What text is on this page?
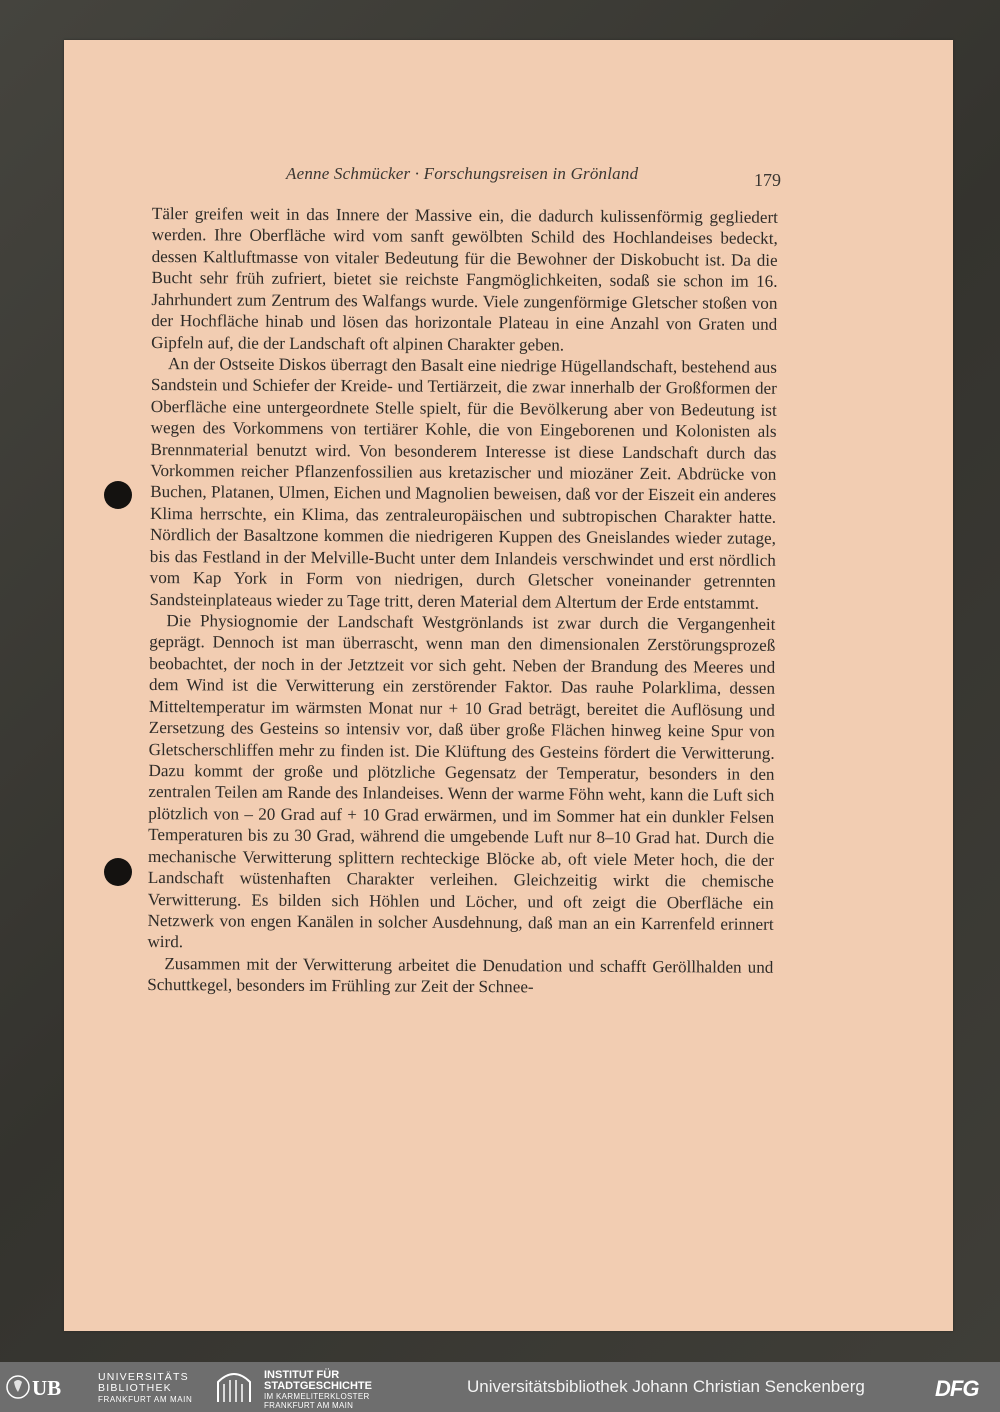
Aenne Schmücker · Forschungsreisen in Grönland	179

Täler greifen weit in das Innere der Massive ein, die dadurch kulissenförmig gegliedert werden. Ihre Oberfläche wird vom sanft gewölbten Schild des Hochlandeises bedeckt, dessen Kaltluftmasse von vitaler Bedeutung für die Bewohner der Diskobucht ist. Da die Bucht sehr früh zufriert, bietet sie reichste Fangmöglichkeiten, sodaß sie schon im 16. Jahrhundert zum Zentrum des Walfangs wurde. Viele zungenförmige Gletscher stoßen von der Hochfläche hinab und lösen das horizontale Plateau in eine Anzahl von Graten und Gipfeln auf, die der Landschaft oft alpinen Charakter geben.

An der Ostseite Diskos überragt den Basalt eine niedrige Hügellandschaft, bestehend aus Sandstein und Schiefer der Kreide- und Tertiärzeit, die zwar innerhalb der Großformen der Oberfläche eine untergeordnete Stelle spielt, für die Bevölkerung aber von Bedeutung ist wegen des Vorkommens von tertiärer Kohle, die von Eingeborenen und Kolonisten als Brennmaterial benutzt wird. Von besonderem Interesse ist diese Landschaft durch das Vorkommen reicher Pflanzenfossilien aus kretazischer und miozäner Zeit. Abdrücke von Buchen, Platanen, Ulmen, Eichen und Magnolien beweisen, daß vor der Eiszeit ein anderes Klima herrschte, ein Klima, das zentraleuropäischen und subtropischen Charakter hatte. Nördlich der Basaltzone kommen die niedrigeren Kuppen des Gneislandes wieder zutage, bis das Festland in der Melville-Bucht unter dem Inlandeis verschwindet und erst nördlich vom Kap York in Form von niedrigen, durch Gletscher voneinander getrennten Sandsteinplateaus wieder zu Tage tritt, deren Material dem Altertum der Erde entstammt.

Die Physiognomie der Landschaft Westgrönlands ist zwar durch die Vergangenheit geprägt. Dennoch ist man überrascht, wenn man den dimensionalen Zerstörungsprozeß beobachtet, der noch in der Jetztzeit vor sich geht. Neben der Brandung des Meeres und dem Wind ist die Verwitterung ein zerstörender Faktor. Das rauhe Polarklima, dessen Mitteltemperatur im wärmsten Monat nur + 10 Grad beträgt, bereitet die Auflösung und Zersetzung des Gesteins so intensiv vor, daß über große Flächen hinweg keine Spur von Gletscherschliffen mehr zu finden ist. Die Klüftung des Gesteins fördert die Verwitterung. Dazu kommt der große und plötzliche Gegensatz der Temperatur, besonders in den zentralen Teilen am Rande des Inlandeises. Wenn der warme Föhn weht, kann die Luft sich plötzlich von – 20 Grad auf + 10 Grad erwärmen, und im Sommer hat ein dunkler Felsen Temperaturen bis zu 30 Grad, während die umgebende Luft nur 8–10 Grad hat. Durch die mechanische Verwitterung splittern rechteckige Blöcke ab, oft viele Meter hoch, die der Landschaft wüstenhaften Charakter verleihen. Gleichzeitig wirkt die chemische Verwitterung. Es bilden sich Höhlen und Löcher, und oft zeigt die Oberfläche ein Netzwerk von engen Kanälen in solcher Ausdehnung, daß man an ein Karrenfeld erinnert wird.

Zusammen mit der Verwitterung arbeitet die Denudation und schafft Geröllhalden und Schuttkegel, besonders im Frühling zur Zeit der Schnee-

UB	UNIVERSITÄTS
BIBLIOTHEK
FRANKFURT AM MAIN
INSTITUT FÜR
STADTGESCHICHTE
IM KARMELITERKLOSTER
FRANKFURT AM MAIN
Universitätsbibliothek Johann Christian Senckenberg	DFG
